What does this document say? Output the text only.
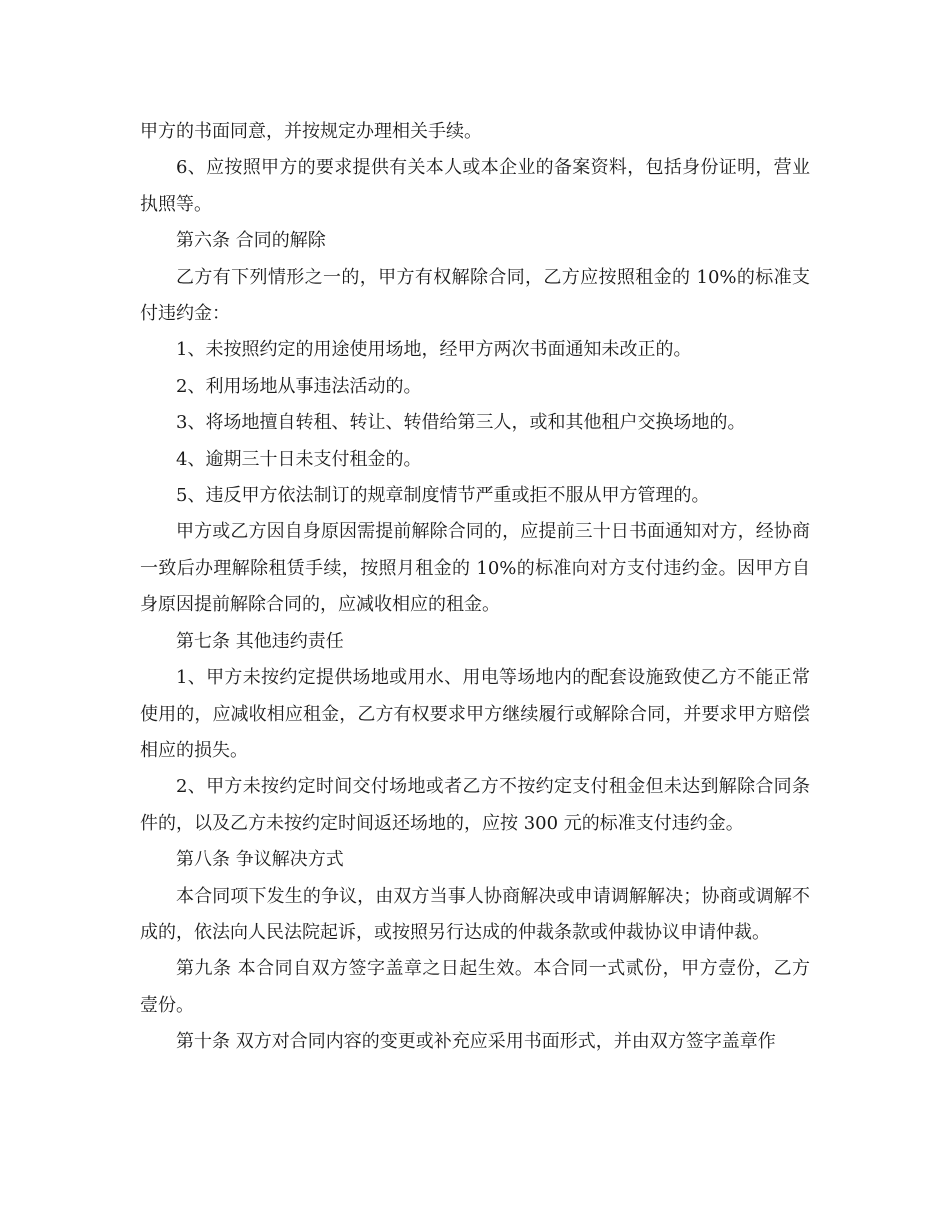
甲方的书面同意，并按规定办理相关手续。

6、应按照甲方的要求提供有关本人或本企业的备案资料，包括身份证明，营业执照等。

第六条 合同的解除

乙方有下列情形之一的，甲方有权解除合同，乙方应按照租金的 10%的标准支付违约金：

1、未按照约定的用途使用场地，经甲方两次书面通知未改正的。

2、利用场地从事违法活动的。

3、将场地擅自转租、转让、转借给第三人，或和其他租户交换场地的。

4、逾期三十日未支付租金的。

5、违反甲方依法制订的规章制度情节严重或拒不服从甲方管理的。

甲方或乙方因自身原因需提前解除合同的，应提前三十日书面通知对方，经协商一致后办理解除租赁手续，按照月租金的 10%的标准向对方支付违约金。因甲方自身原因提前解除合同的，应减收相应的租金。

第七条 其他违约责任

1、甲方未按约定提供场地或用水、用电等场地内的配套设施致使乙方不能正常使用的，应减收相应租金，乙方有权要求甲方继续履行或解除合同，并要求甲方赔偿相应的损失。

2、甲方未按约定时间交付场地或者乙方不按约定支付租金但未达到解除合同条件的，以及乙方未按约定时间返还场地的，应按 300 元的标准支付违约金。

第八条 争议解决方式

本合同项下发生的争议，由双方当事人协商解决或申请调解解决；协商或调解不成的，依法向人民法院起诉，或按照另行达成的仲裁条款或仲裁协议申请仲裁。

第九条 本合同自双方签字盖章之日起生效。本合同一式贰份，甲方壹份，乙方壹份。

第十条 双方对合同内容的变更或补充应采用书面形式，并由双方签字盖章作
